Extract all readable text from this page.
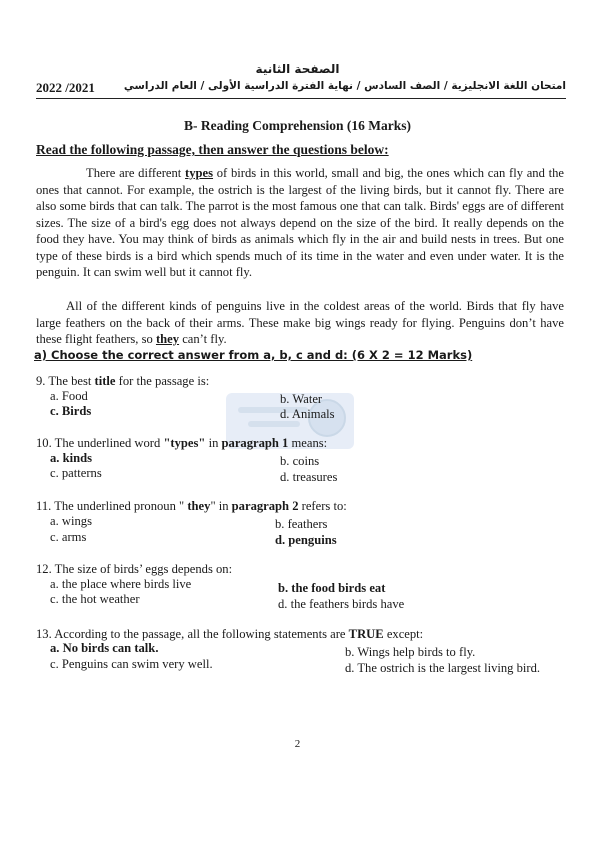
الصفحة الثانية
امتحان اللغة الانجليزية / الصف السادس / نهاية الفترة الدراسية الأولى / العام الدراسي
2022 /2021
B- Reading Comprehension (16 Marks)
Read the following passage, then answer the questions below:
There are different types of birds in this world, small and big, the ones which can fly and the ones that cannot. For example, the ostrich is the largest of the living birds, but it cannot fly. There are also some birds that can talk. The parrot is the most famous one that can talk. Birds' eggs are of different sizes. The size of a bird's egg does not always depend on the size of the bird. It really depends on the food they have. You may think of birds as animals which fly in the air and build nests in trees. But one type of these birds is a bird which spends much of its time in the water and even under water. It is the penguin. It can swim well but it cannot fly.
All of the different kinds of penguins live in the coldest areas of the world. Birds that fly have large feathers on the back of their arms. These make big wings ready for flying. Penguins don’t have these flight feathers, so they can’t fly.
a) Choose the correct answer from a, b, c and d: (6 X 2 = 12 Marks)
9. The best title for the passage is:
a. Food	b. Water
c. Birds	d. Animals
10. The underlined word "types" in paragraph 1 means:
a. kinds	b. coins
c. patterns	d. treasures
11. The underlined pronoun " they" in paragraph 2 refers to:
a. wings	b. feathers
c. arms	d. penguins
12. The size of birds’ eggs depends on:
a. the place where birds live	b. the food birds eat
c. the hot weather	d. the feathers birds have
13. According to the passage, all the following statements are TRUE except:
a. No birds can talk.	b. Wings help birds to fly.
c. Penguins can swim very well.	d. The ostrich is the largest living bird.
2
